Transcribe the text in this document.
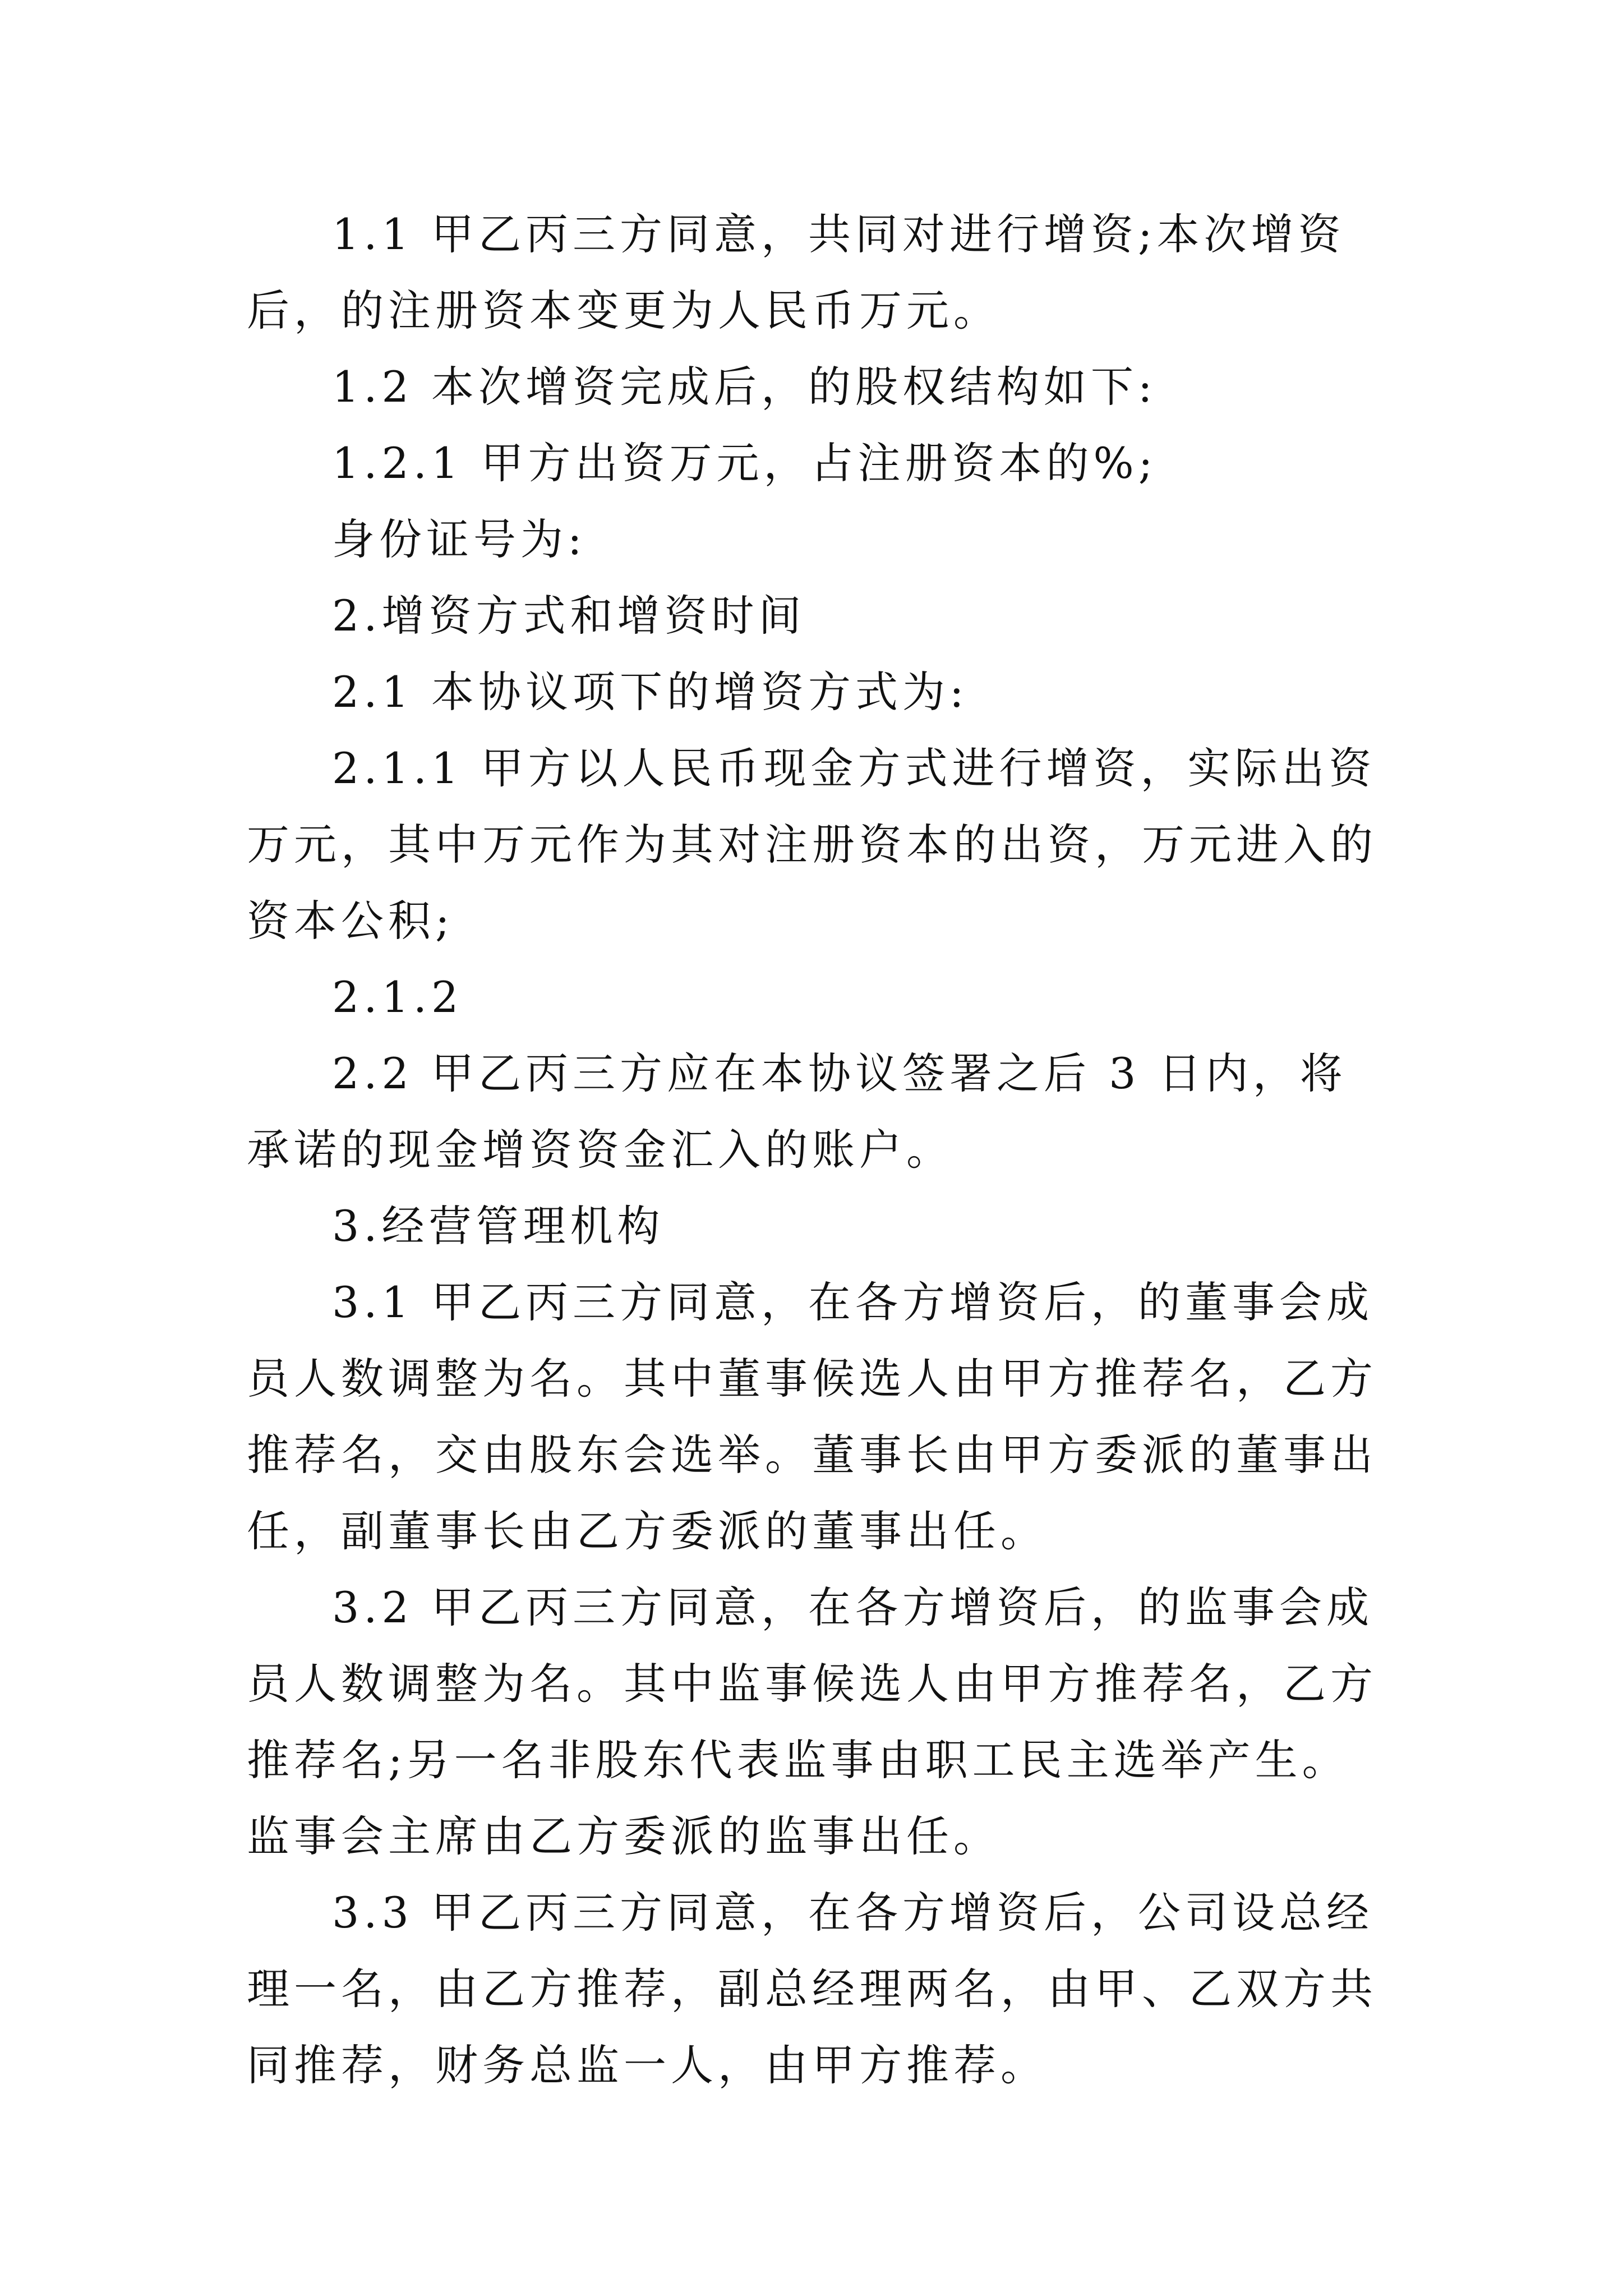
1.1 甲乙丙三方同意，共同对进行增资;本次增资后，的注册资本变更为人民币万元。

1.2 本次增资完成后，的股权结构如下:

1.2.1 甲方出资万元，占注册资本的%;

身份证号为:

2.增资方式和增资时间

2.1 本协议项下的增资方式为:

2.1.1 甲方以人民币现金方式进行增资，实际出资万元，其中万元作为其对注册资本的出资，万元进入的资本公积;

2.1.2

2.2 甲乙丙三方应在本协议签署之后 3 日内，将承诺的现金增资资金汇入的账户。

3.经营管理机构

3.1 甲乙丙三方同意，在各方增资后，的董事会成员人数调整为名。其中董事候选人由甲方推荐名，乙方推荐名，交由股东会选举。董事长由甲方委派的董事出任，副董事长由乙方委派的董事出任。

3.2 甲乙丙三方同意，在各方增资后，的监事会成员人数调整为名。其中监事候选人由甲方推荐名，乙方推荐名;另一名非股东代表监事由职工民主选举产生。监事会主席由乙方委派的监事出任。

3.3 甲乙丙三方同意，在各方增资后，公司设总经理一名，由乙方推荐，副总经理两名，由甲、乙双方共同推荐，财务总监一人，由甲方推荐。
